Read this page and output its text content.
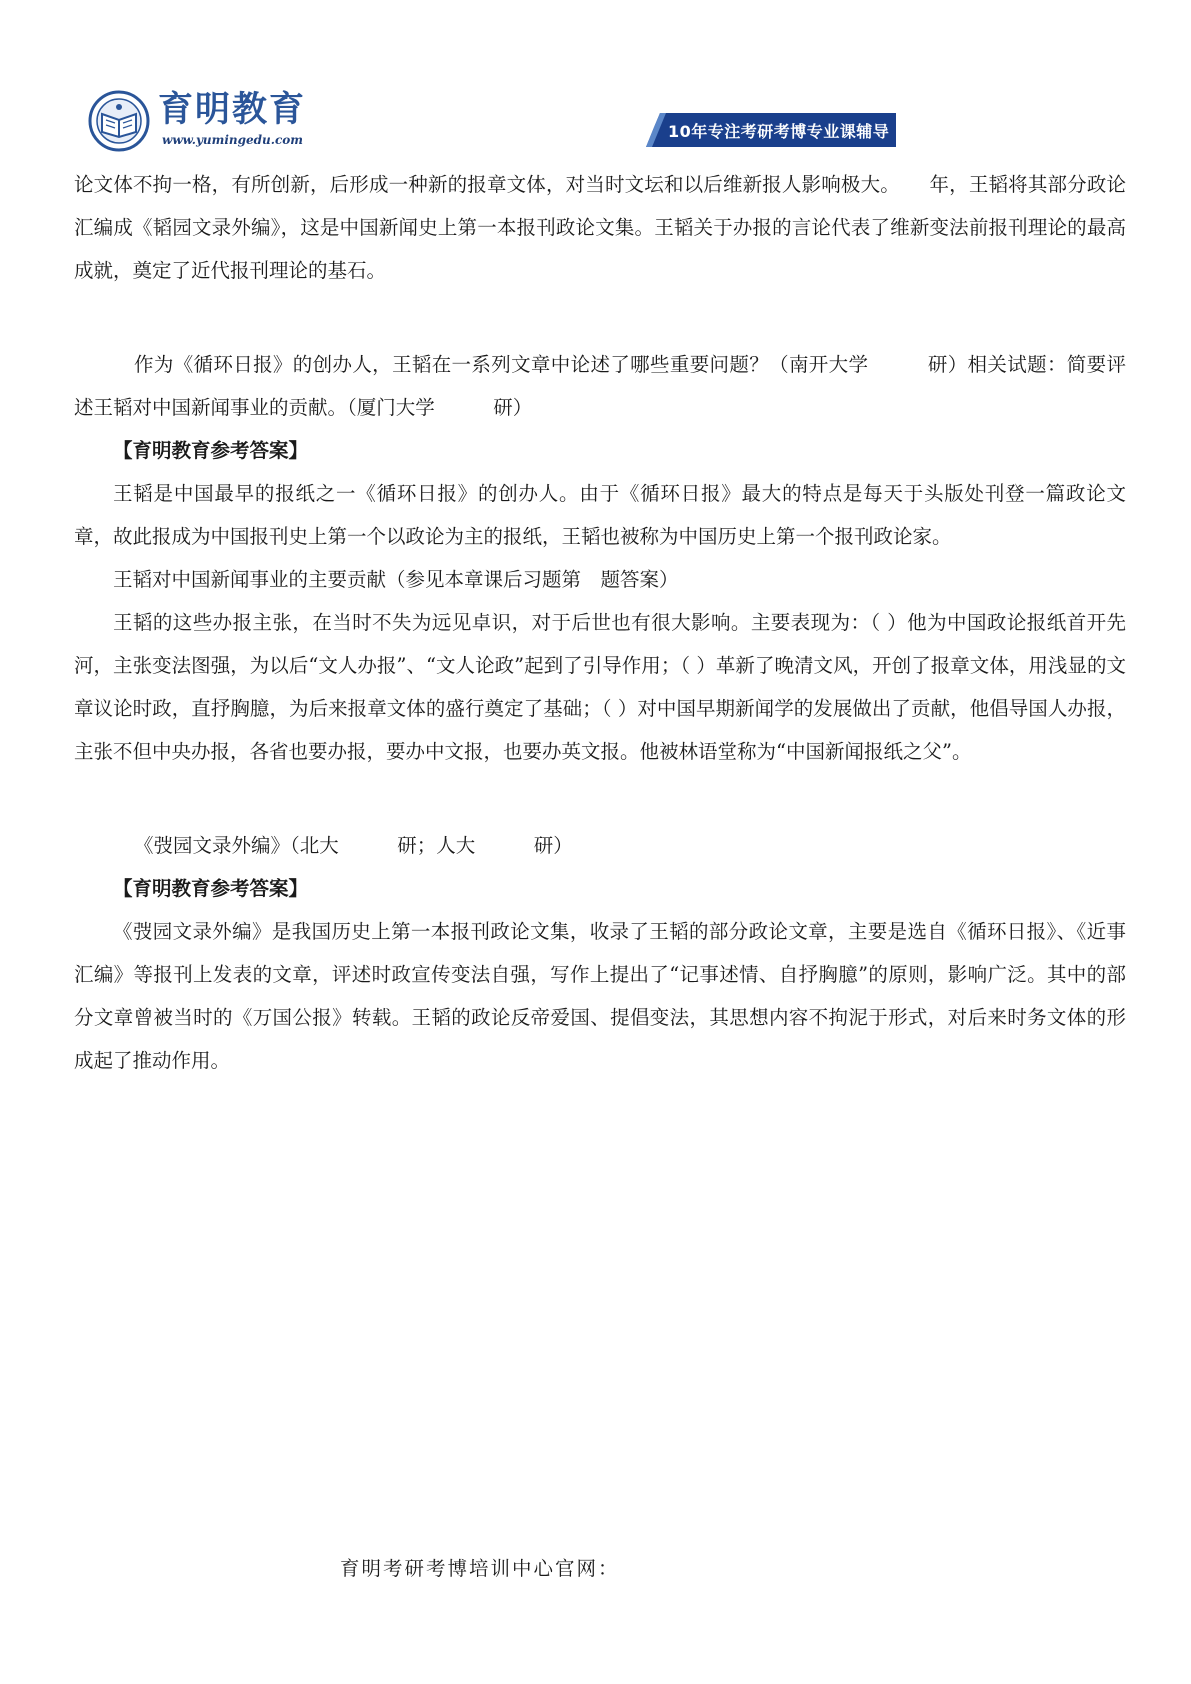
育明教育
www.yumingedu.com	10年专注考研考博专业课辅导

论文体不拘一格，有所创新，后形成一种新的报章文体，对当时文坛和以后维新报人影响极大。　　年，王韬将其部分政论汇编成《韬园文录外编》，这是中国新闻史上第一本报刊政论文集。王韬关于办报的言论代表了维新变法前报刊理论的最高成就，奠定了近代报刊理论的基石。

作为《循环日报》的创办人，王韬在一系列文章中论述了哪些重要问题？（南开大学　　　研）相关试题：简要评述王韬对中国新闻事业的贡献。（厦门大学　　　研）

【育明教育参考答案】

王韬是中国最早的报纸之一《循环日报》的创办人。由于《循环日报》最大的特点是每天于头版处刊登一篇政论文章，故此报成为中国报刊史上第一个以政论为主的报纸，王韬也被称为中国历史上第一个报刊政论家。

王韬对中国新闻事业的主要贡献（参见本章课后习题第　题答案）

王韬的这些办报主张，在当时不失为远见卓识，对于后世也有很大影响。主要表现为：（ ）他为中国政论报纸首开先河，主张变法图强，为以后“文人办报”、“文人论政”起到了引导作用；（ ）革新了晚清文风，开创了报章文体，用浅显的文章议论时政，直抒胸臆，为后来报章文体的盛行奠定了基础；（ ）对中国早期新闻学的发展做出了贡献，他倡导国人办报，主张不但中央办报，各省也要办报，要办中文报，也要办英文报。他被林语堂称为“中国新闻报纸之父”。

《弢园文录外编》（北大　　　研；人大　　　研）

【育明教育参考答案】

《弢园文录外编》是我国历史上第一本报刊政论文集，收录了王韬的部分政论文章，主要是选自《循环日报》、《近事汇编》等报刊上发表的文章，评述时政宣传变法自强，写作上提出了“记事述情、自抒胸臆”的原则，影响广泛。其中的部分文章曾被当时的《万国公报》转载。王韬的政论反帝爱国、提倡变法，其思想内容不拘泥于形式，对后来时务文体的形成起了推动作用。

育明考研考博培训中心官网：
